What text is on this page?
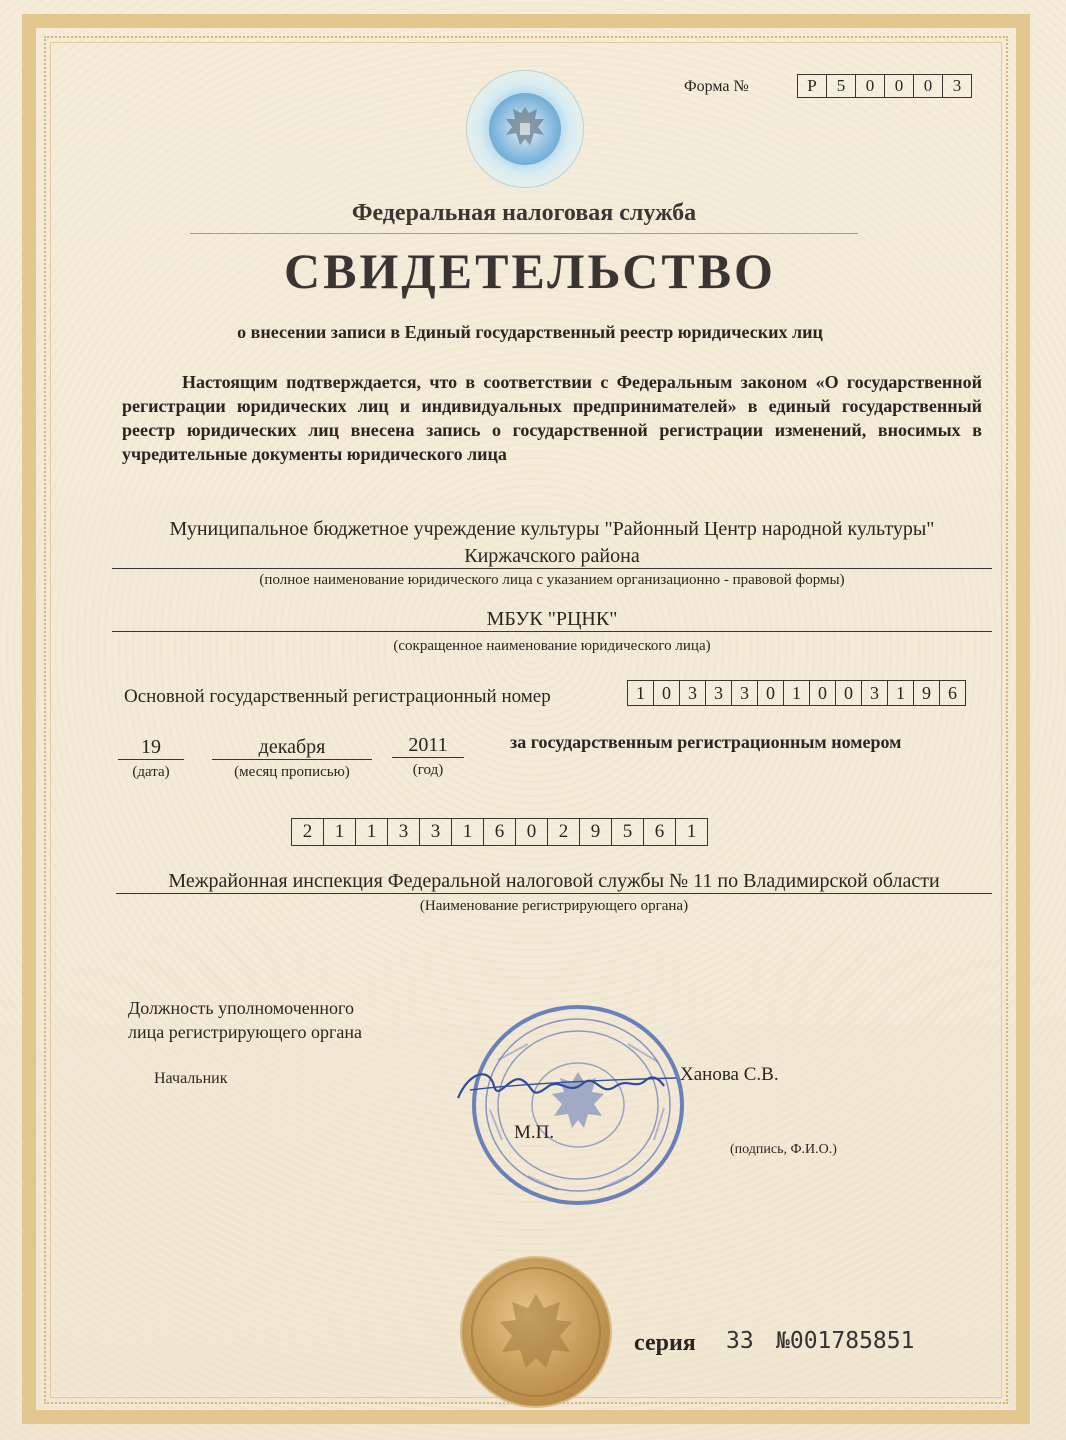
Форма №	Р	5	0	0	0	3
Федеральная налоговая служба
СВИДЕТЕЛЬСТВО
о внесении записи в Единый государственный реестр юридических лиц
Настоящим подтверждается, что в соответствии с Федеральным законом «О государственной регистрации юридических лиц и индивидуальных предпринимателей» в единый государственный реестр юридических лиц внесена запись о государственной регистрации изменений, вносимых в учредительные документы юридического лица
Муниципальное бюджетное учреждение культуры "Районный Центр народной культуры"
Киржачского района
(полное наименование юридического лица с указанием организационно - правовой формы)
МБУК "РЦНК"
(сокращенное наименование юридического лица)
Основной государственный регистрационный номер	1 0 3 3 3 0 1 0 0 3 1 9 6
19
(дата)
декабря
(месяц прописью)
2011
(год)
за государственным регистрационным номером
2	1	1	3	3	1	6	0	2	9	5	6	1
Межрайонная инспекция Федеральной налоговой службы № 11 по Владимирской области
(Наименование регистрирующего органа)
Должность уполномоченного
лица регистрирующего органа
Начальник	Ханова С.В.
М.П.
(подпись, Ф.И.О.)
серия 33 №001785851
